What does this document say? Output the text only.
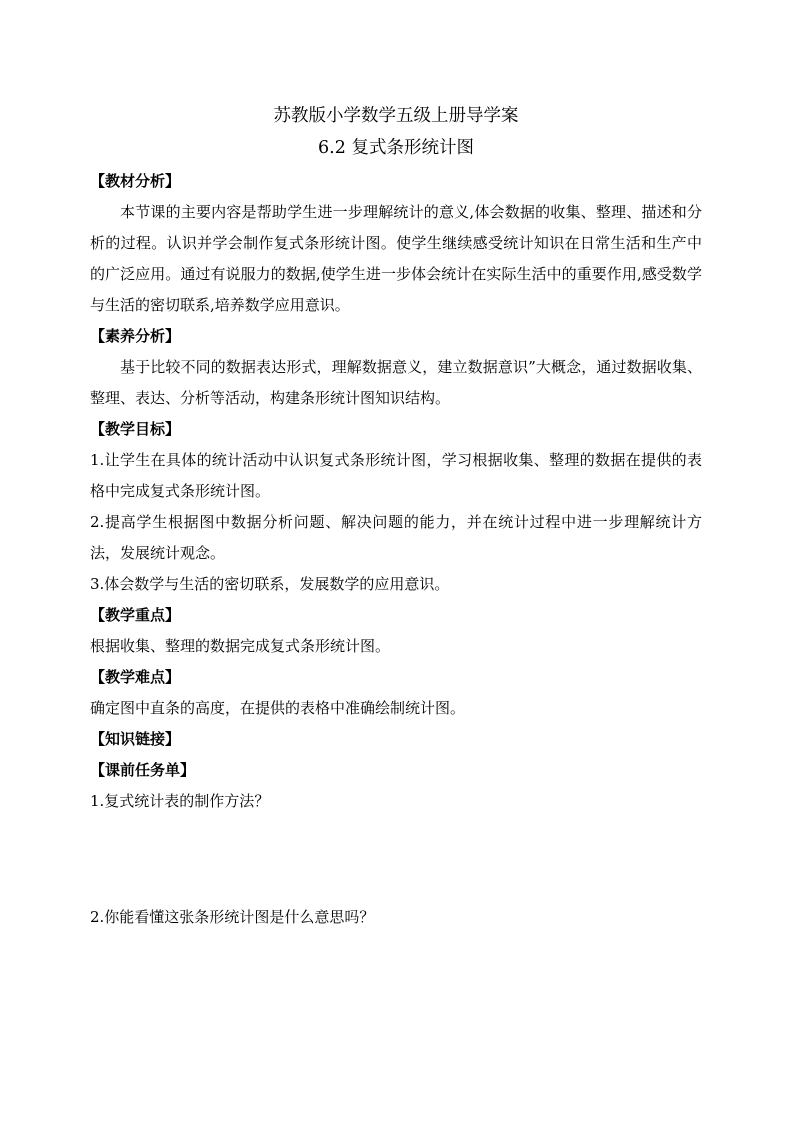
苏教版小学数学五级上册导学案
6.2 复式条形统计图

【教材分析】

本节课的主要内容是帮助学生进一步理解统计的意义,体会数据的收集、整理、描述和分析的过程。认识并学会制作复式条形统计图。使学生继续感受统计知识在日常生活和生产中的广泛应用。通过有说服力的数据,使学生进一步体会统计在实际生活中的重要作用,感受数学与生活的密切联系,培养数学应用意识。

【素养分析】

基于比较不同的数据表达形式，理解数据意义，建立数据意识”大概念，通过数据收集、整理、表达、分析等活动，构建条形统计图知识结构。

【教学目标】

1.让学生在具体的统计活动中认识复式条形统计图，学习根据收集、整理的数据在提供的表格中完成复式条形统计图。

2.提高学生根据图中数据分析问题、解决问题的能力，并在统计过程中进一步理解统计方法，发展统计观念。

3.体会数学与生活的密切联系，发展数学的应用意识。

【教学重点】

根据收集、整理的数据完成复式条形统计图。

【教学难点】

确定图中直条的高度，在提供的表格中准确绘制统计图。

【知识链接】

【课前任务单】

1.复式统计表的制作方法？

2.你能看懂这张条形统计图是什么意思吗？
